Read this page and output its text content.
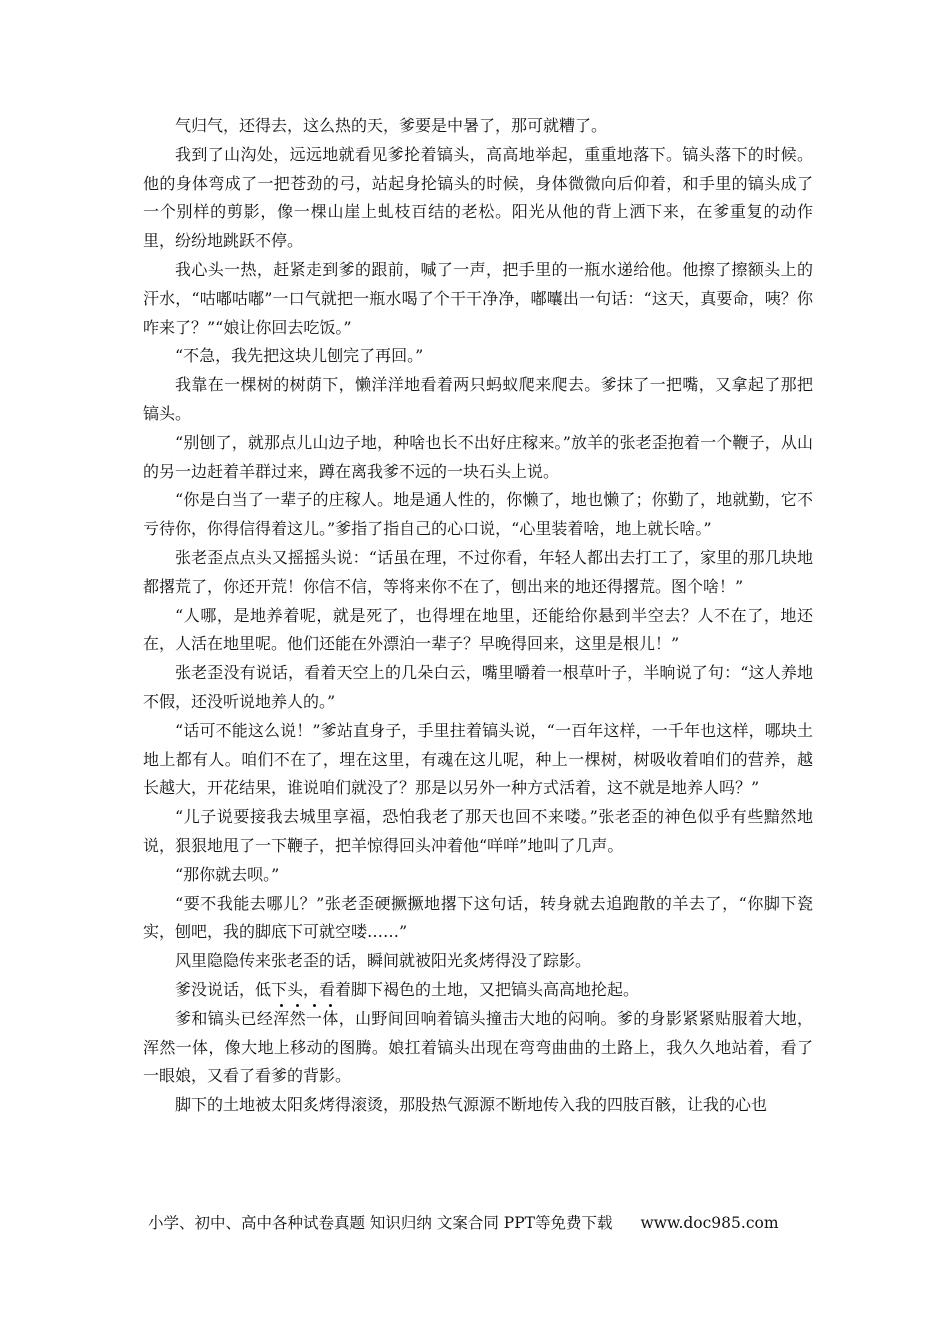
气归气，还得去，这么热的天，爹要是中暑了，那可就糟了。

我到了山沟处，远远地就看见爹抡着镐头，高高地举起，重重地落下。镐头落下的时候。他的身体弯成了一把苍劲的弓，站起身抡镐头的时候，身体微微向后仰着，和手里的镐头成了一个别样的剪影，像一棵山崖上虬枝百结的老松。阳光从他的背上洒下来，在爹重复的动作里，纷纷地跳跃不停。

我心头一热，赶紧走到爹的跟前，喊了一声，把手里的一瓶水递给他。他擦了擦额头上的汗水，“咕嘟咕嘟”一口气就把一瓶水喝了个干干净净，嘟囔出一句话：“这天，真要命，咦？你咋来了？”“娘让你回去吃饭。”

“不急，我先把这块儿刨完了再回。”

我靠在一棵树的树荫下，懒洋洋地看着两只蚂蚁爬来爬去。爹抹了一把嘴，又拿起了那把镐头。

“别刨了，就那点儿山边子地，种啥也长不出好庄稼来。”放羊的张老歪抱着一个鞭子，从山的另一边赶着羊群过来，蹲在离我爹不远的一块石头上说。

“你是白当了一辈子的庄稼人。地是通人性的，你懒了，地也懒了；你勤了，地就勤，它不亏待你，你得信得着这儿。”爹指了指自己的心口说，“心里装着啥，地上就长啥。”

张老歪点点头又摇摇头说：“话虽在理，不过你看，年轻人都出去打工了，家里的那几块地都撂荒了，你还开荒！你信不信，等将来你不在了，刨出来的地还得撂荒。图个啥！”

“人哪，是地养着呢，就是死了，也得埋在地里，还能给你悬到半空去？人不在了，地还在，人活在地里呢。他们还能在外漂泊一辈子？早晚得回来，这里是根儿！”

张老歪没有说话，看着天空上的几朵白云，嘴里嚼着一根草叶子，半晌说了句：“这人养地不假，还没听说地养人的。”

“话可不能这么说！”爹站直身子，手里拄着镐头说，“一百年这样，一千年也这样，哪块土地上都有人。咱们不在了，埋在这里，有魂在这儿呢，种上一棵树，树吸收着咱们的营养，越长越大，开花结果，谁说咱们就没了？那是以另外一种方式活着，这不就是地养人吗？”

“儿子说要接我去城里享福，恐怕我老了那天也回不来喽。”张老歪的神色似乎有些黯然地说，狠狠地甩了一下鞭子，把羊惊得回头冲着他“咩咩”地叫了几声。

“那你就去呗。”

“要不我能去哪儿？”张老歪硬撅撅地撂下这句话，转身就去追跑散的羊去了，“你脚下瓷实，刨吧，我的脚底下可就空喽……”

风里隐隐传来张老歪的话，瞬间就被阳光炙烤得没了踪影。

爹没说话，低下头，看着脚下褐色的土地，又把镐头高高地抡起。

爹和镐头已经浑然一体，山野间回响着镐头撞击大地的闷响。爹的身影紧紧贴服着大地，浑然一体，像大地上移动的图腾。娘扛着镐头出现在弯弯曲曲的土路上，我久久地站着，看了一眼娘，又看了看爹的背影。

脚下的土地被太阳炙烤得滚烫，那股热气源源不断地传入我的四肢百骸，让我的心也

小学、初中、高中各种试卷真题 知识归纳 文案合同 PPT等免费下载 www.doc985.com
